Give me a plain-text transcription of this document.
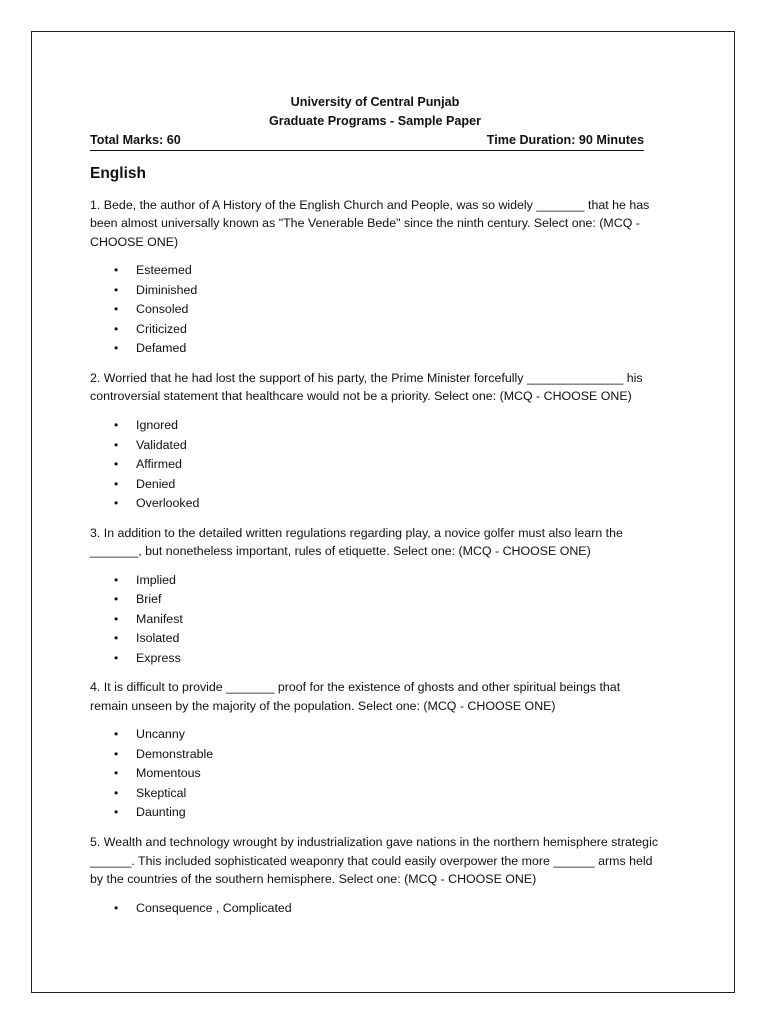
University of Central Punjab
Graduate Programs - Sample Paper
Total Marks: 60	Time Duration: 90 Minutes
English
1. Bede, the author of A History of the English Church and People, was so widely _______ that he has been almost universally known as "The Venerable Bede" since the ninth century. Select one: (MCQ - CHOOSE ONE)
• Esteemed
• Diminished
• Consoled
• Criticized
• Defamed
2. Worried that he had lost the support of his party, the Prime Minister forcefully ______________ his controversial statement that healthcare would not be a priority. Select one: (MCQ - CHOOSE ONE)
• Ignored
• Validated
• Affirmed
• Denied
• Overlooked
3. In addition to the detailed written regulations regarding play, a novice golfer must also learn the _______, but nonetheless important, rules of etiquette. Select one: (MCQ - CHOOSE ONE)
• Implied
• Brief
• Manifest
• Isolated
• Express
4. It is difficult to provide _______ proof for the existence of ghosts and other spiritual beings that remain unseen by the majority of the population. Select one: (MCQ - CHOOSE ONE)
• Uncanny
• Demonstrable
• Momentous
• Skeptical
• Daunting
5. Wealth and technology wrought by industrialization gave nations in the northern hemisphere strategic ______. This included sophisticated weaponry that could easily overpower the more ______ arms held by the countries of the southern hemisphere. Select one: (MCQ - CHOOSE ONE)
• Consequence , Complicated
